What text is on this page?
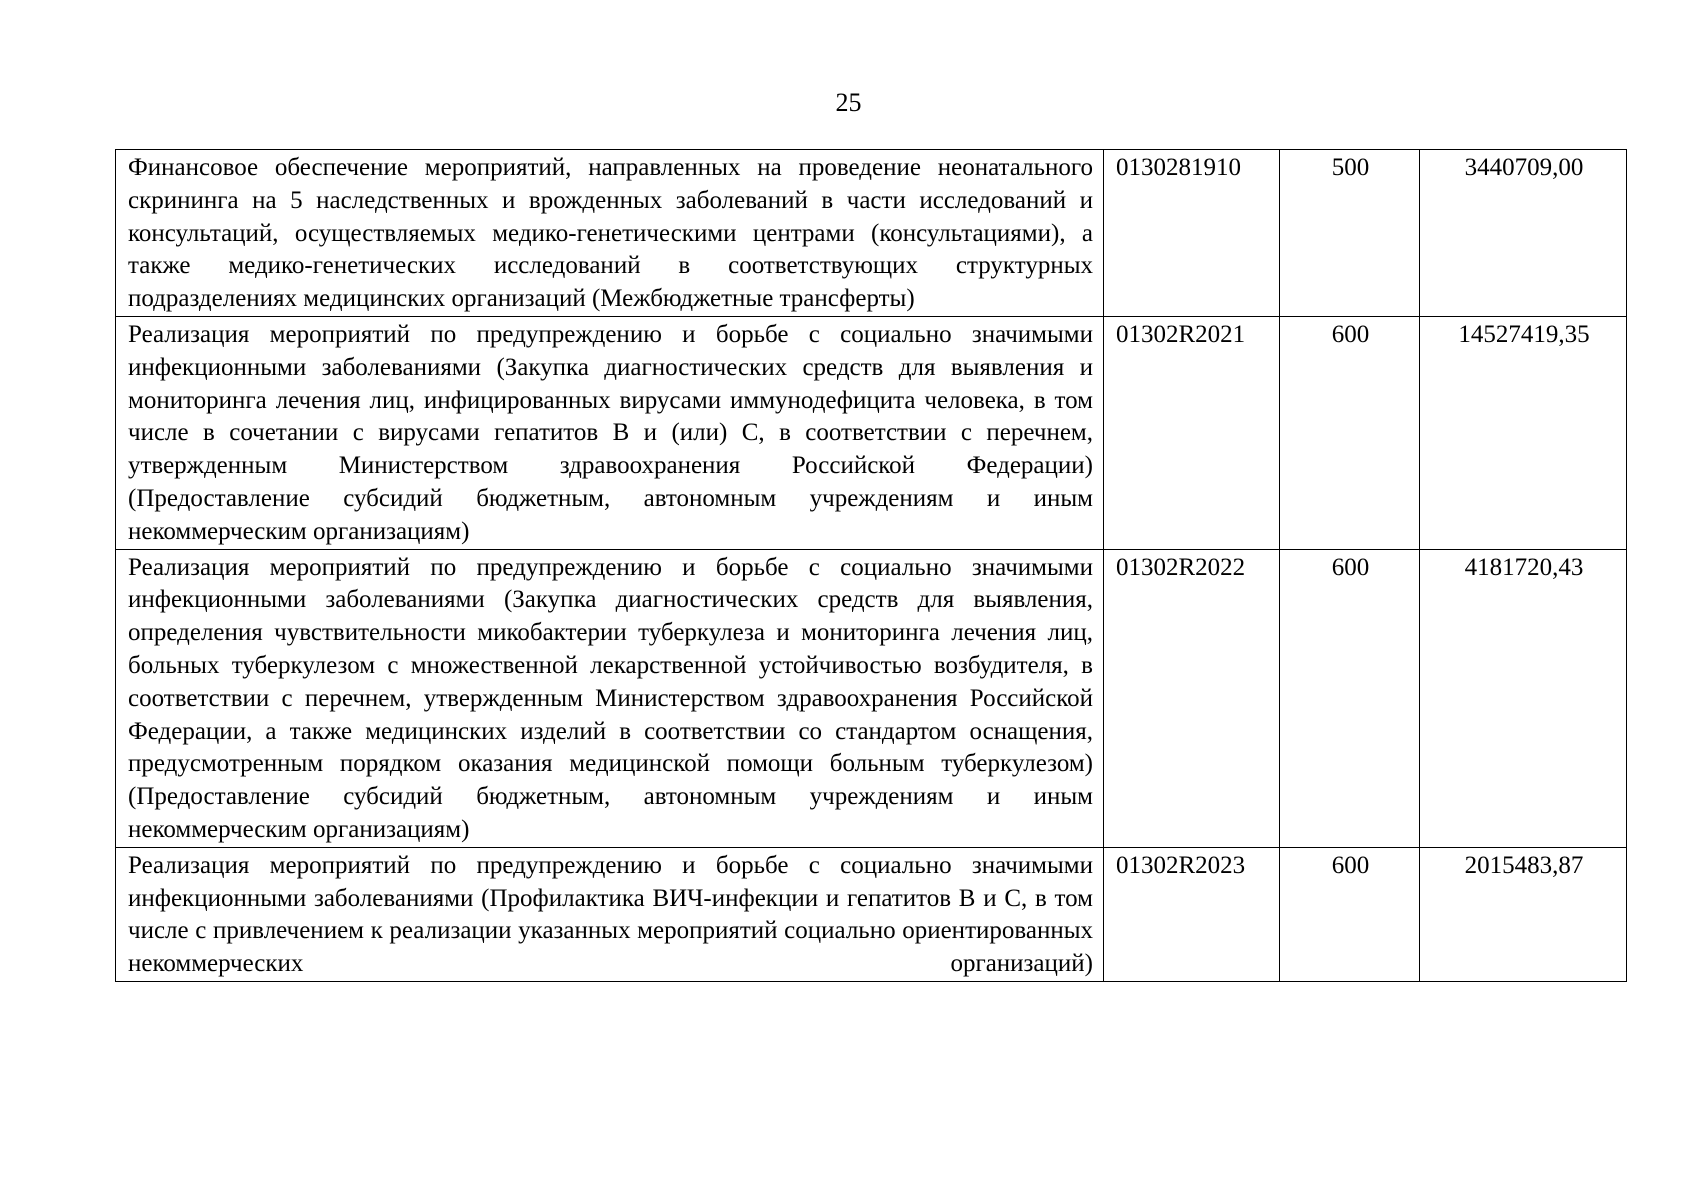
25
Финансовое обеспечение мероприятий, направленных на проведение неонатального скрининга на 5 наследственных и врожденных заболеваний в части исследований и консультаций, осуществляемых медико-генетическими центрами (консультациями), а также медико-генетических исследований в соответствующих структурных подразделениях медицинских организаций (Межбюджетные трансферты)	0130281910	500	3440709,00
Реализация мероприятий по предупреждению и борьбе с социально значимыми инфекционными заболеваниями (Закупка диагностических средств для выявления и мониторинга лечения лиц, инфицированных вирусами иммунодефицита человека, в том числе в сочетании с вирусами гепатитов В и (или) С, в соответствии с перечнем, утвержденным Министерством здравоохранения Российской Федерации) (Предоставление субсидий бюджетным, автономным учреждениям и иным некоммерческим организациям)	01302R2021	600	14527419,35
Реализация мероприятий по предупреждению и борьбе с социально значимыми инфекционными заболеваниями (Закупка диагностических средств для выявления, определения чувствительности микобактерии туберкулеза и мониторинга лечения лиц, больных туберкулезом с множественной лекарственной устойчивостью возбудителя, в соответствии с перечнем, утвержденным Министерством здравоохранения Российской Федерации, а также медицинских изделий в соответствии со стандартом оснащения, предусмотренным порядком оказания медицинской помощи больным туберкулезом) (Предоставление субсидий бюджетным, автономным учреждениям и иным некоммерческим организациям)	01302R2022	600	4181720,43
Реализация мероприятий по предупреждению и борьбе с социально значимыми инфекционными заболеваниями (Профилактика ВИЧ-инфекции и гепатитов В и С, в том числе с привлечением к реализации указанных мероприятий социально ориентированных некоммерческих организаций)	01302R2023	600	2015483,87
